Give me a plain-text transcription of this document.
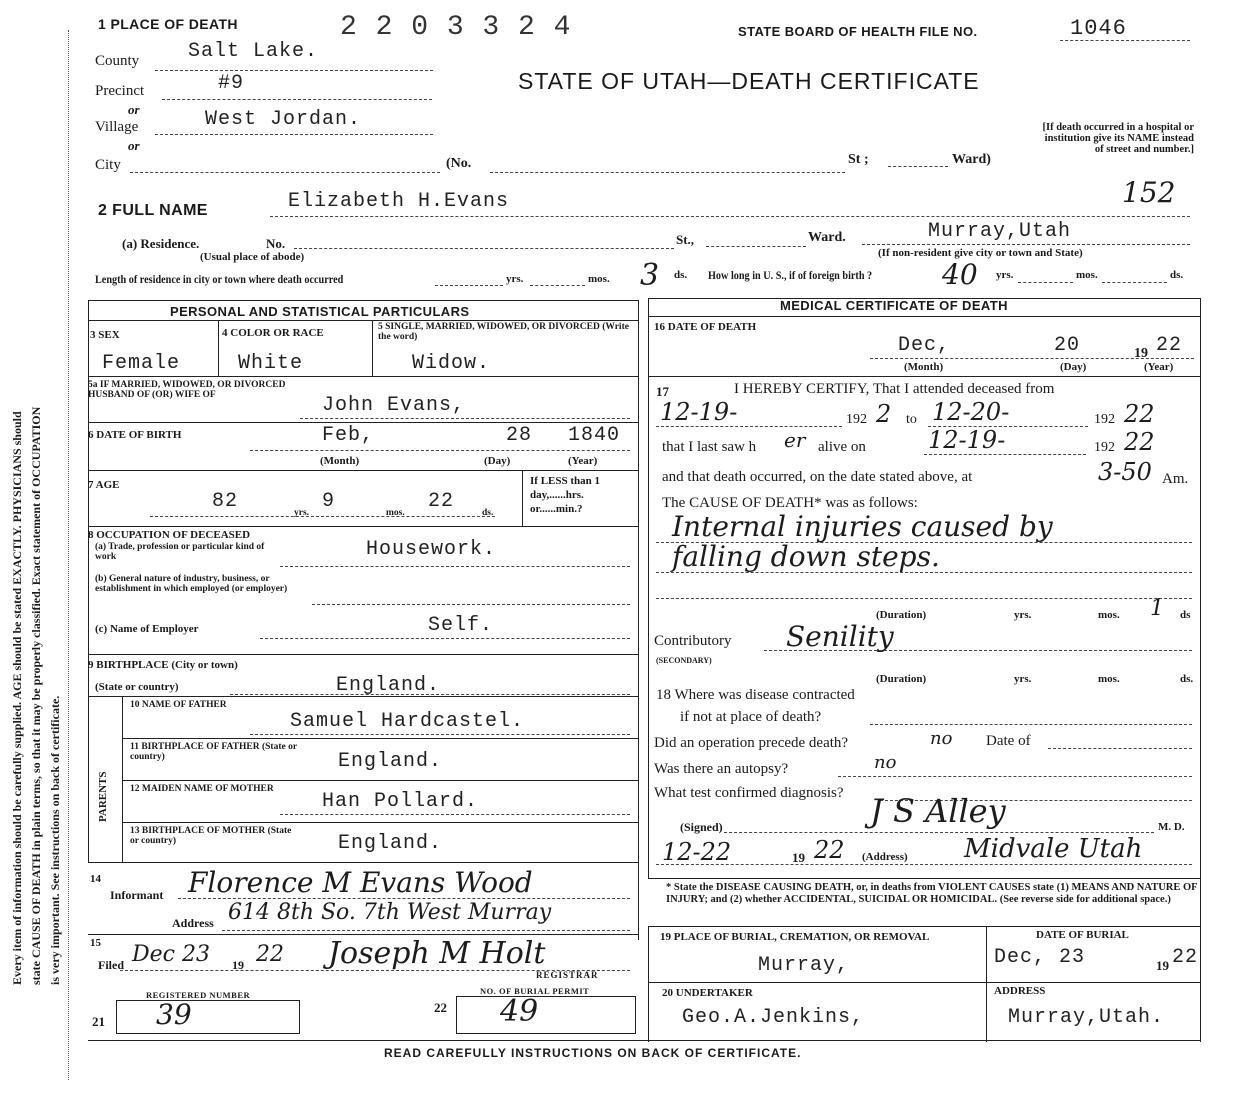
Every item of information should be carefully supplied. AGE should be stated EXACTLY. PHYSICIANS should state CAUSE OF DEATH in plain terms, so that it may be properly classified. Exact statement of OCCUPATION is very important. See instructions on back of certificate.
1 PLACE OF DEATH	2 2 0 3 3 2 4	STATE BOARD OF HEALTH FILE NO.	1046
STATE OF UTAH—DEATH CERTIFICATE
[If death occurred in a hospital or institution give its NAME instead of street and number.]
152
County Salt Lake.
Precinct	#9
or
Village	West Jordan.
or
City	(No.	St ;	Ward)
2 FULL NAME	Elizabeth H.Evans
(a) Residence.	No.
(Usual place of abode)
St.,	Ward.	Murray,Utah
(If non-resident give city or town and State)
Length of residence in city or town where death occurred	yrs.	mos. 3 ds. How long in U. S., if of foreign birth ? 40 yrs.	mos.	ds.
PERSONAL AND STATISTICAL PARTICULARS
3 SEX
Female
4 COLOR OR RACE
White
5 SINGLE, MARRIED, WIDOWED, OR DIVORCED (Write the word)
Widow.
5a IF MARRIED, WIDOWED, OR DIVORCED HUSBAND OF (OR) WIFE OF	John Evans,
6 DATE OF BIRTH	Feb,	28 1840
(Month)	(Day)	(Year)
7 AGE
82	yrs. 9	mos. 22	ds.
If LESS than 1 day,......hrs. or......min.?
8 OCCUPATION OF DECEASED
(a) Trade, profession or particular kind of work	Housework.
(b) General nature of industry, business, or establishment in which employed (or employer)
(c) Name of Employer	Self.
9 BIRTHPLACE (City or town)
(State or country)	England.
PARENTS
10 NAME OF FATHER
Samuel Hardcastel.
11 BIRTHPLACE OF FATHER (State or country)	England.
12 MAIDEN NAME OF MOTHER
Han Pollard.
13 BIRTHPLACE OF MOTHER (State or country)	England.
14
Informant Florence M Evans Wood
Address 614 8th So. 7th West Murray
15
Filed Dec 23 19 22 Joseph M Holt
REGISTRAR
REGISTERED NUMBER
21 39
NO. OF BURIAL PERMIT
22 49
MEDICAL CERTIFICATE OF DEATH
16 DATE OF DEATH
Dec,	20	19 22
(Month)	(Day)	(Year)
17	I HEREBY CERTIFY, That I attended deceased from
12-19-	192 2 to 12-20-	192 22
that I last saw h er alive on	12-19-	192 22
and that death occurred, on the date stated above, at	3-50 Am.
The CAUSE OF DEATH* was as follows:
Internal injuries caused by
falling down steps.
(Duration)	yrs.	mos. 1 ds
Contributory
(SECONDARY)
Senility
(Duration)	yrs.	mos.	ds.
18 Where was disease contracted
if not at place of death?
Did an operation precede death?	no Date of
Was there an autopsy?	no
What test confirmed diagnosis?
(Signed)	J S Alley	M. D.
12-22	19 22 (Address) Midvale Utah
* State the DISEASE CAUSING DEATH, or, in deaths from VIOLENT CAUSES state (1) MEANS AND NATURE OF INJURY; and (2) whether ACCIDENTAL, SUICIDAL OR HOMICIDAL. (See reverse side for additional space.)
19 PLACE OF BURIAL, CREMATION, OR REMOVAL
Murray,
DATE OF BURIAL
Dec, 23	19 22
20 UNDERTAKER
Geo.A.Jenkins,
ADDRESS
Murray,Utah.
READ CAREFULLY INSTRUCTIONS ON BACK OF CERTIFICATE.
